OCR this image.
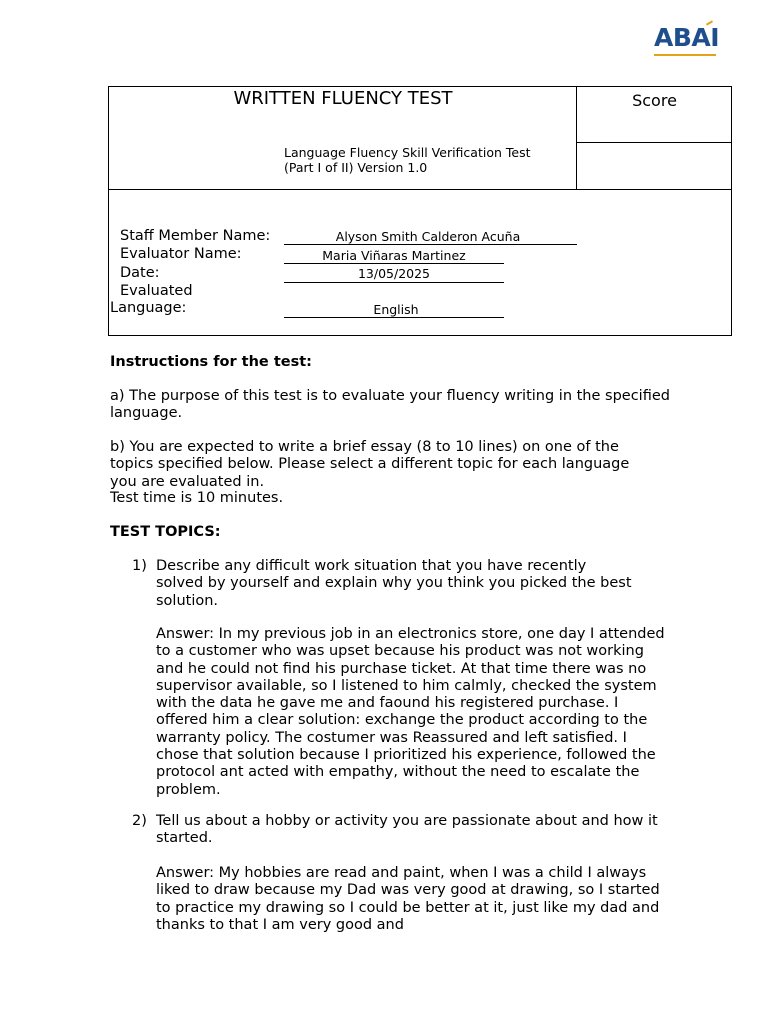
ABAI
WRITTEN FLUENCY TEST	Score
Language Fluency Skill Verification Test (Part I of II) Version 1.0
Staff Member Name:	Alyson Smith Calderon Acuña
Evaluator Name:	Maria Viñaras Martinez
Date:	13/05/2025
Evaluated
Language:	English
Instructions for the test:
a) The purpose of this test is to evaluate your fluency writing in the specified language.
b) You are expected to write a brief essay (8 to 10 lines) on one of the topics specified below. Please select a different topic for each language you are evaluated in.
Test time is 10 minutes.
TEST TOPICS:
1) Describe any difficult work situation that you have recently solved by yourself and explain why you think you picked the best solution.
Answer: In my previous job in an electronics store, one day I attended to a customer who was upset because his product was not working and he could not find his purchase ticket. At that time there was no supervisor available, so I listened to him calmly, checked the system with the data he gave me and faound his registered purchase. I offered him a clear solution: exchange the product according to the warranty policy. The costumer was Reassured and left satisfied. I chose that solution because I prioritized his experience, followed the protocol ant acted with empathy, without the need to escalate the problem.
2) Tell us about a hobby or activity you are passionate about and how it started.
Answer: My hobbies are read and paint, when I was a child I always liked to draw because my Dad was very good at drawing, so I started to practice my drawing so I could be better at it, just like my dad and thanks to that I am very good and
